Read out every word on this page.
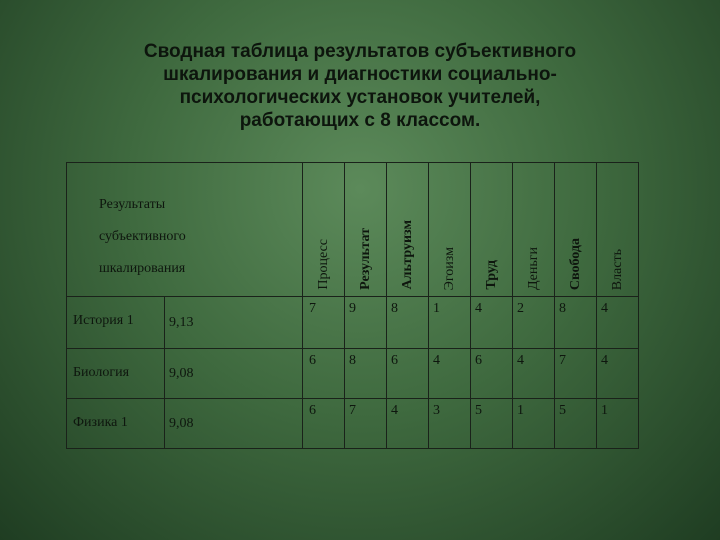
Сводная таблица результатов субъективного
шкалирования и диагностики социально-
психологических установок учителей,
работающих с 8 классом.
Результаты
субъективного
шкалирования		Процесс	Результат	Альтруизм	Эгоизм	Труд	Деньги	Свобода	Власть

История 1	9,13	7	9	8	1	4	2	8	4
Биология	9,08	6	8	6	4	6	4	7	4
Физика 1	9,08	6	7	4	3	5	1	5	1
